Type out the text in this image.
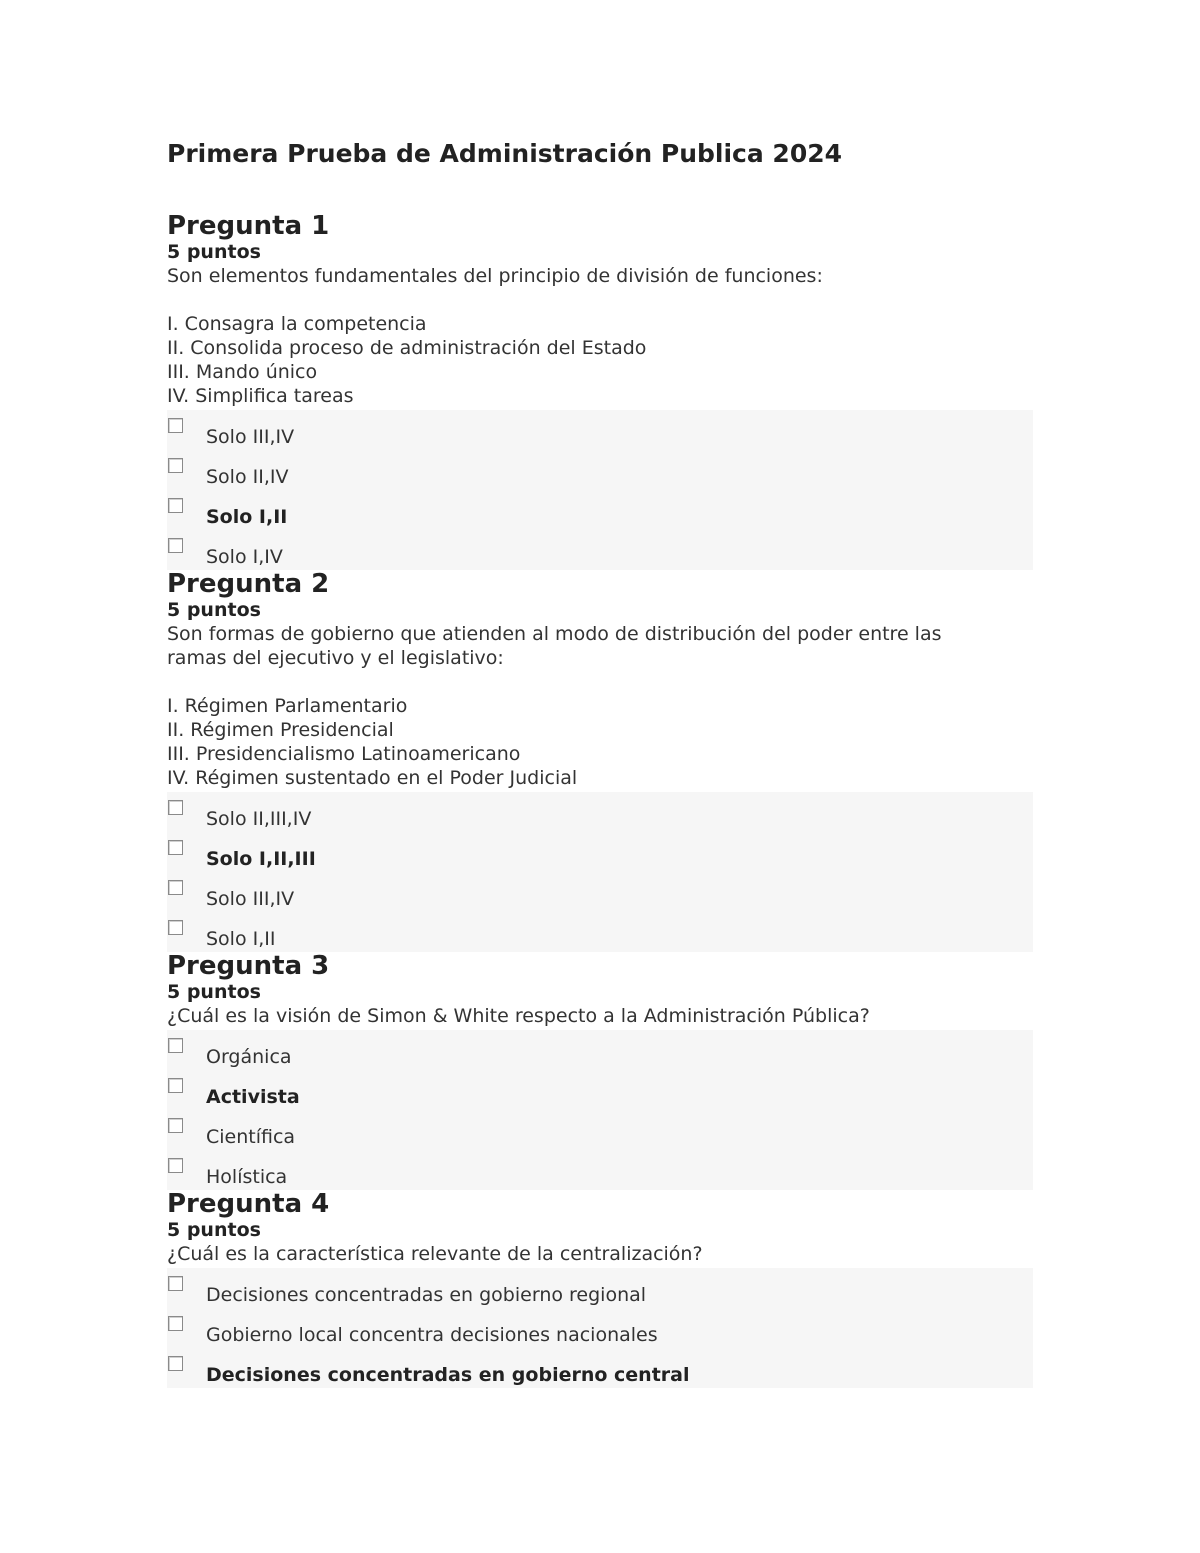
Primera Prueba de Administración Publica 2024
Pregunta 1
5 puntos
Son elementos fundamentales del principio de división de funciones:
I. Consagra la competencia
II. Consolida proceso de administración del Estado
III. Mando único
IV. Simplifica tareas
Solo III,IV
Solo II,IV
Solo I,II
Solo I,IV
Pregunta 2
5 puntos
Son formas de gobierno que atienden al modo de distribución del poder entre las
ramas del ejecutivo y el legislativo:
I. Régimen Parlamentario
II. Régimen Presidencial
III. Presidencialismo Latinoamericano
IV. Régimen sustentado en el Poder Judicial
Solo II,III,IV
Solo I,II,III
Solo III,IV
Solo I,II
Pregunta 3
5 puntos
¿Cuál es la visión de Simon & White respecto a la Administración Pública?
Orgánica
Activista
Científica
Holística
Pregunta 4
5 puntos
¿Cuál es la característica relevante de la centralización?
Decisiones concentradas en gobierno regional
Gobierno local concentra decisiones nacionales
Decisiones concentradas en gobierno central
